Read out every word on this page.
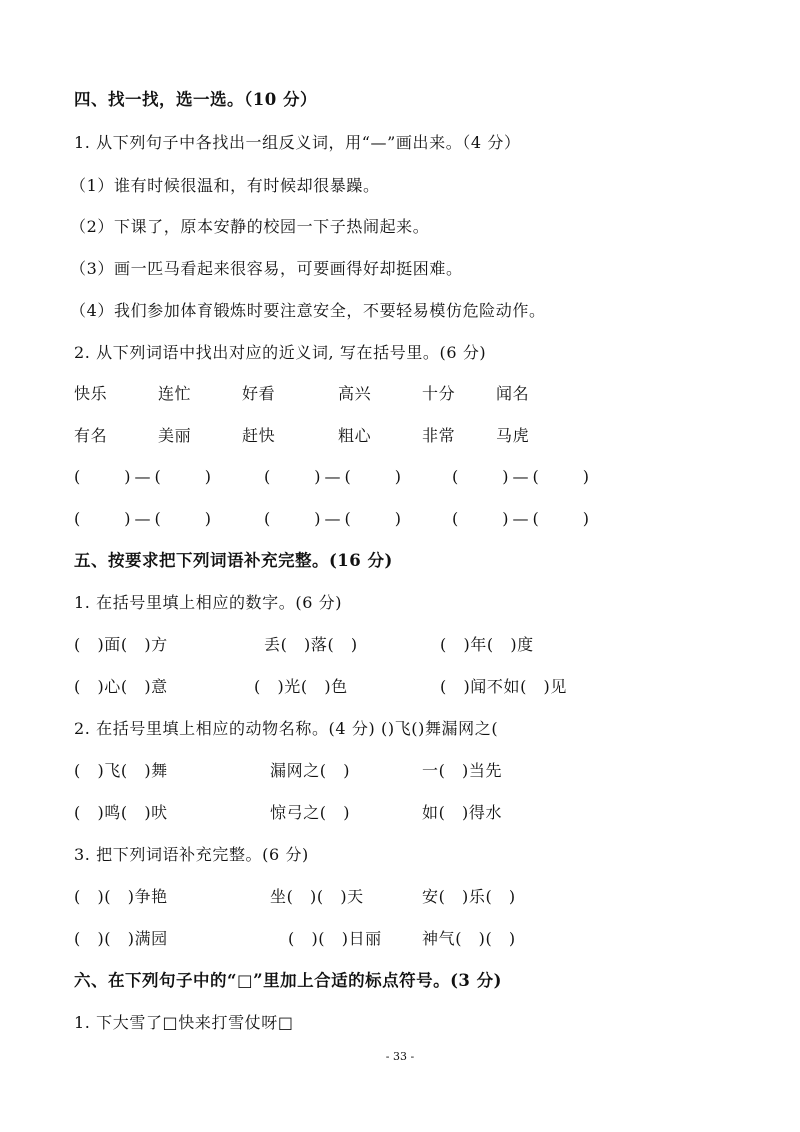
四、找一找，选一选。（10 分）
1. 从下列句子中各找出一组反义词，用“—”画出来。（4 分）
（1）谁有时候很温和，有时候却很暴躁。
（2）下课了，原本安静的校园一下子热闹起来。
（3）画一匹马看起来很容易，可要画得好却挺困难。
（4）我们参加体育锻炼时要注意安全，不要轻易模仿危险动作。
2. 从下列词语中找出对应的近义词, 写在括号里。(6 分)
快乐	连忙	好看	高兴	十分	闻名
有名	美丽	赶快	粗心	非常	马虎
(　　)—(　　)	(　　)—(　　)	(　　)—(　　)
(　　)—(　　)	(　　)—(　　)	(　　)—(　　)
五、按要求把下列词语补充完整。(16 分)
1. 在括号里填上相应的数字。(6 分)
(　)面(　)方	丢(　)落(　)	(　)年(　)度
(　)心(　)意	(　)光(　)色	(　)闻不如(　)见
2. 在括号里填上相应的动物名称。(4 分) ()飞()舞漏网之(
(　)飞(　)舞	漏网之(　)	一(　)当先
(　)鸣(　)吠	惊弓之(　)	如(　)得水
3. 把下列词语补充完整。(6 分)
(　)(　)争艳	坐(　)(　)天	安(　)乐(　)
(　)(　)满园	(　)(　)日丽	神气(　)(　)
六、在下列句子中的“□”里加上合适的标点符号。(3 分)
1. 下大雪了□快来打雪仗呀□
- 33 -
